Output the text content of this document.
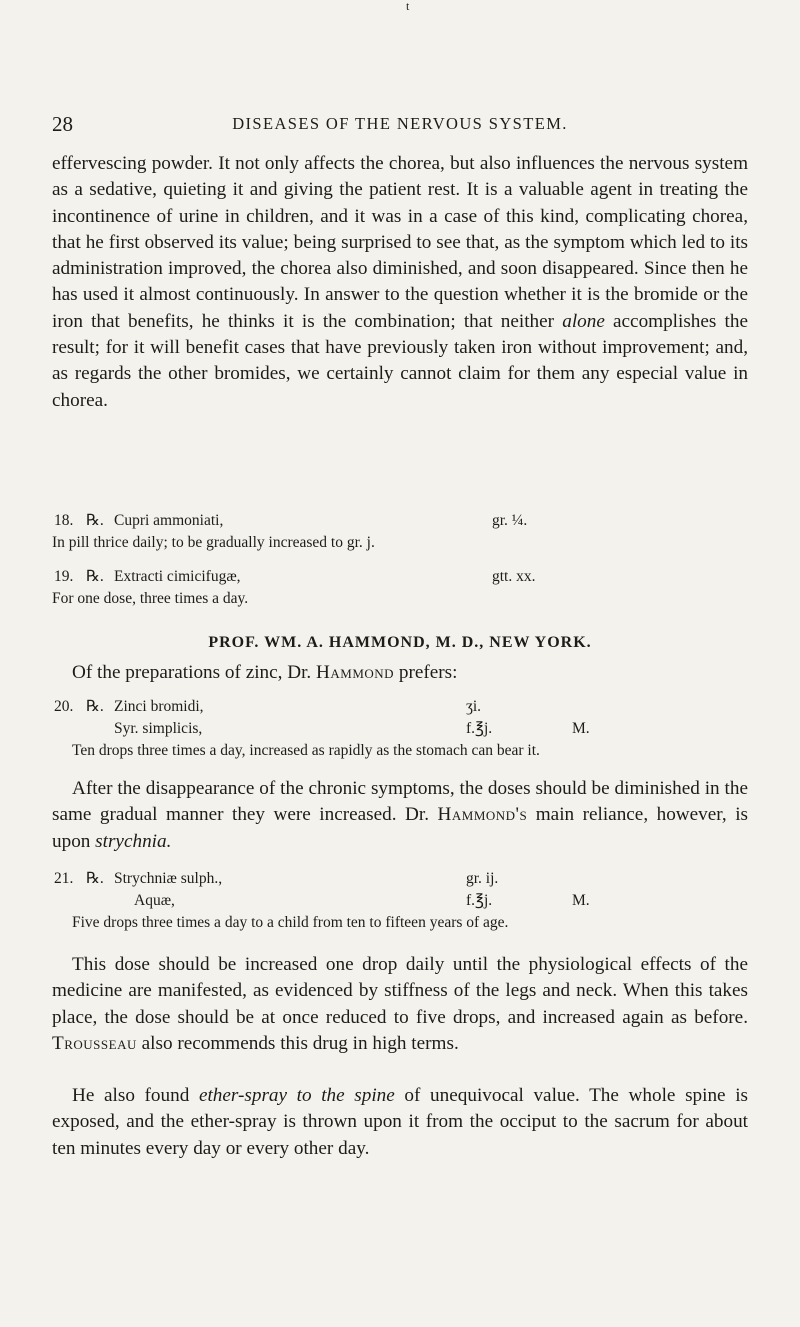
t
28	DISEASES OF THE NERVOUS SYSTEM.

effervescing powder. It not only affects the chorea, but also influences the nervous system as a sedative, quieting it and giving the patient rest. It is a valuable agent in treating the incontinence of urine in children, and it was in a case of this kind, complicating chorea, that he first observed its value; being surprised to see that, as the symptom which led to its administration improved, the chorea also diminished, and soon disappeared. Since then he has used it almost continuously. In answer to the question whether it is the bromide or the iron that benefits, he thinks it is the combination; that neither alone accomplishes the result; for it will benefit cases that have previously taken iron without improvement; and, as regards the other bromides, we certainly cannot claim for them any especial value in chorea.

18. ℞. Cupri ammoniati,	gr. ¼.
In pill thrice daily; to be gradually increased to gr. j.
19. ℞. Extracti cimicifugæ,	gtt. xx.
For one dose, three times a day.
PROF. WM. A. HAMMOND, M. D., NEW YORK.

Of the preparations of zinc, Dr. Hammond prefers:

20. ℞. Zinci bromidi,	ʒi.
Syr. simplicis,	f.℥j.	M.
Ten drops three times a day, increased as rapidly as the stomach can bear it.

After the disappearance of the chronic symptoms, the doses should be diminished in the same gradual manner they were increased. Dr. Hammond's main reliance, however, is upon strychnia.

21. ℞. Strychniæ sulph.,	gr. ij.
Aquæ,	f.℥j.	M.
Five drops three times a day to a child from ten to fifteen years of age.

This dose should be increased one drop daily until the physiological effects of the medicine are manifested, as evidenced by stiffness of the legs and neck. When this takes place, the dose should be at once reduced to five drops, and increased again as before. Trousseau also recommends this drug in high terms.

He also found ether-spray to the spine of unequivocal value. The whole spine is exposed, and the ether-spray is thrown upon it from the occiput to the sacrum for about ten minutes every day or every other day.
